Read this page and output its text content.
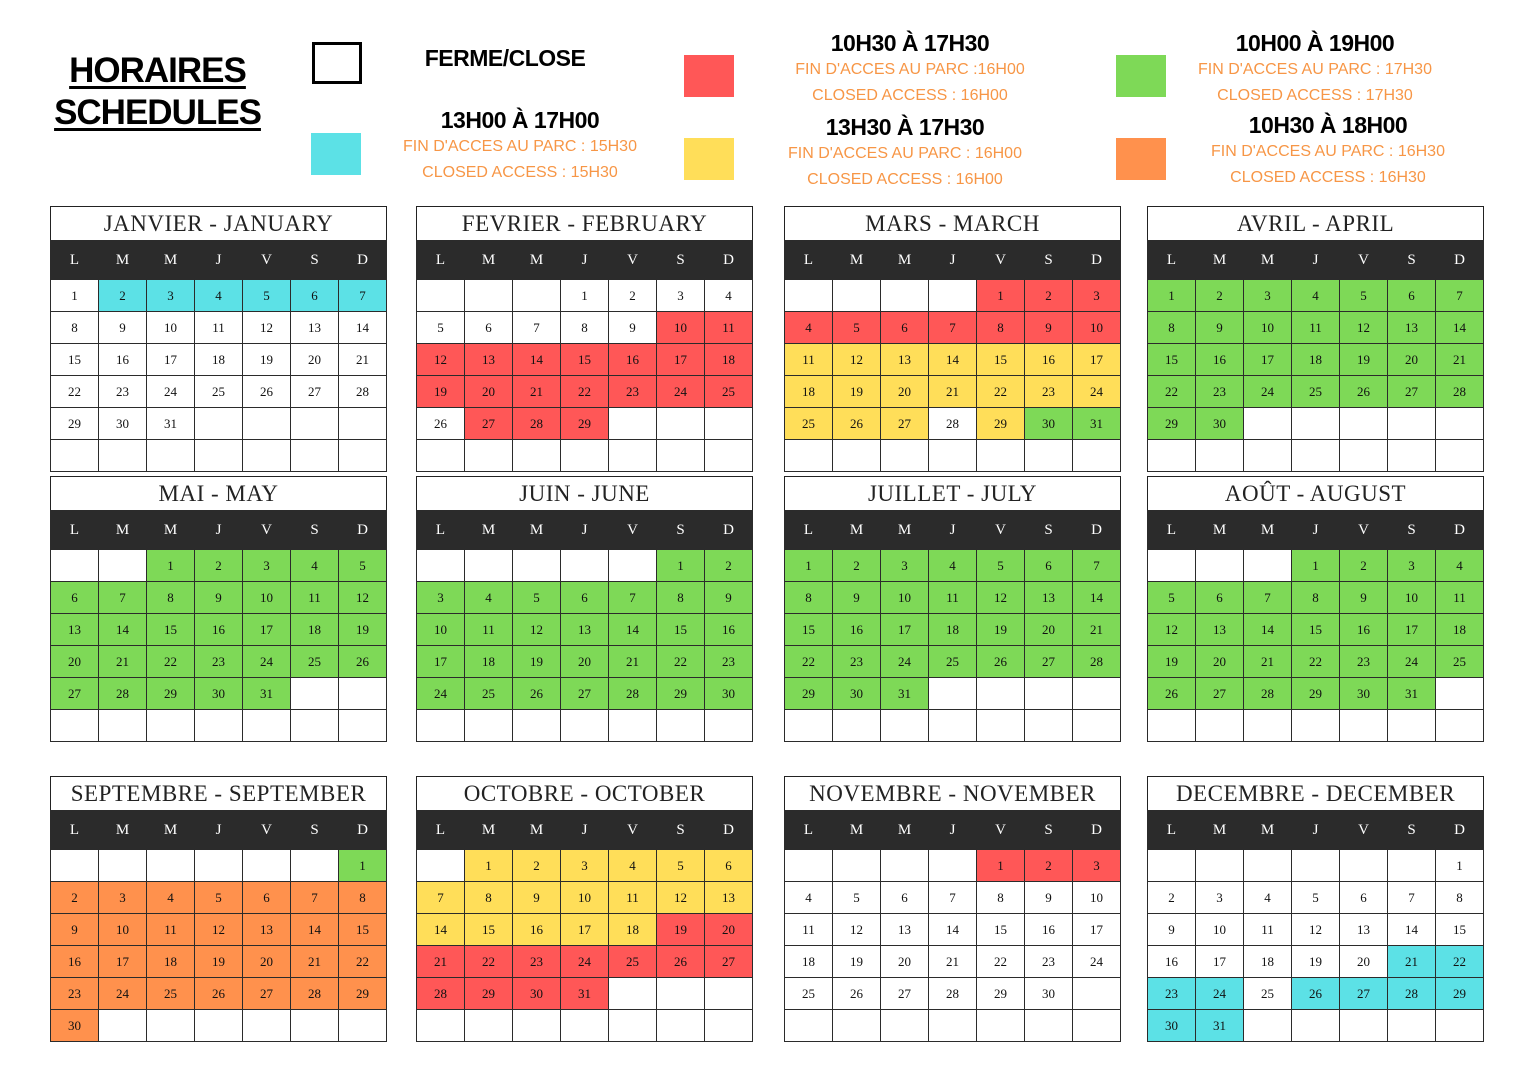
HORAIRES
SCHEDULES
FERME/CLOSE
13H00 À 17H00
FIN D'ACCES AU PARC : 15H30
CLOSED ACCESS : 15H30
10H30 À 17H30
FIN D'ACCES AU PARC :16H00
CLOSED ACCESS : 16H00
13H30 À 17H30
FIN D'ACCES AU PARC : 16H00
CLOSED ACCESS : 16H00
10H00 À 19H00
FIN D'ACCES AU PARC : 17H30
CLOSED ACCESS : 17H30
10H30 À 18H00
FIN D'ACCES AU PARC : 16H30
CLOSED ACCESS : 16H30
JANVIER - JANUARY
L	M	M	J	V	S	D
1	2	3	4	5	6	7
8	9	10	11	12	13	14
15	16	17	18	19	20	21
22	23	24	25	26	27	28
29	30	31				

FEVRIER - FEBRUARY
L	M	M	J	V	S	D
			1	2	3	4
5	6	7	8	9	10	11
12	13	14	15	16	17	18
19	20	21	22	23	24	25
26	27	28	29			

MARS - MARCH
L	M	M	J	V	S	D
				1	2	3
4	5	6	7	8	9	10
11	12	13	14	15	16	17
18	19	20	21	22	23	24
25	26	27	28	29	30	31

AVRIL - APRIL
L	M	M	J	V	S	D
1	2	3	4	5	6	7
8	9	10	11	12	13	14
15	16	17	18	19	20	21
22	23	24	25	26	27	28
29	30					

MAI - MAY
L	M	M	J	V	S	D
		1	2	3	4	5
6	7	8	9	10	11	12
13	14	15	16	17	18	19
20	21	22	23	24	25	26
27	28	29	30	31		

JUIN - JUNE
L	M	M	J	V	S	D
					1	2
3	4	5	6	7	8	9
10	11	12	13	14	15	16
17	18	19	20	21	22	23
24	25	26	27	28	29	30

JUILLET - JULY
L	M	M	J	V	S	D
1	2	3	4	5	6	7
8	9	10	11	12	13	14
15	16	17	18	19	20	21
22	23	24	25	26	27	28
29	30	31				

AOÛT - AUGUST
L	M	M	J	V	S	D
			1	2	3	4
5	6	7	8	9	10	11
12	13	14	15	16	17	18
19	20	21	22	23	24	25
26	27	28	29	30	31	

SEPTEMBRE - SEPTEMBER
L	M	M	J	V	S	D
						1
2	3	4	5	6	7	8
9	10	11	12	13	14	15
16	17	18	19	20	21	22
23	24	25	26	27	28	29
30						
OCTOBRE - OCTOBER
L	M	M	J	V	S	D
	1	2	3	4	5	6
7	8	9	10	11	12	13
14	15	16	17	18	19	20
21	22	23	24	25	26	27
28	29	30	31			

NOVEMBRE - NOVEMBER
L	M	M	J	V	S	D
				1	2	3
4	5	6	7	8	9	10
11	12	13	14	15	16	17
18	19	20	21	22	23	24
25	26	27	28	29	30	

DECEMBRE - DECEMBER
L	M	M	J	V	S	D
						1
2	3	4	5	6	7	8
9	10	11	12	13	14	15
16	17	18	19	20	21	22
23	24	25	26	27	28	29
30	31					
